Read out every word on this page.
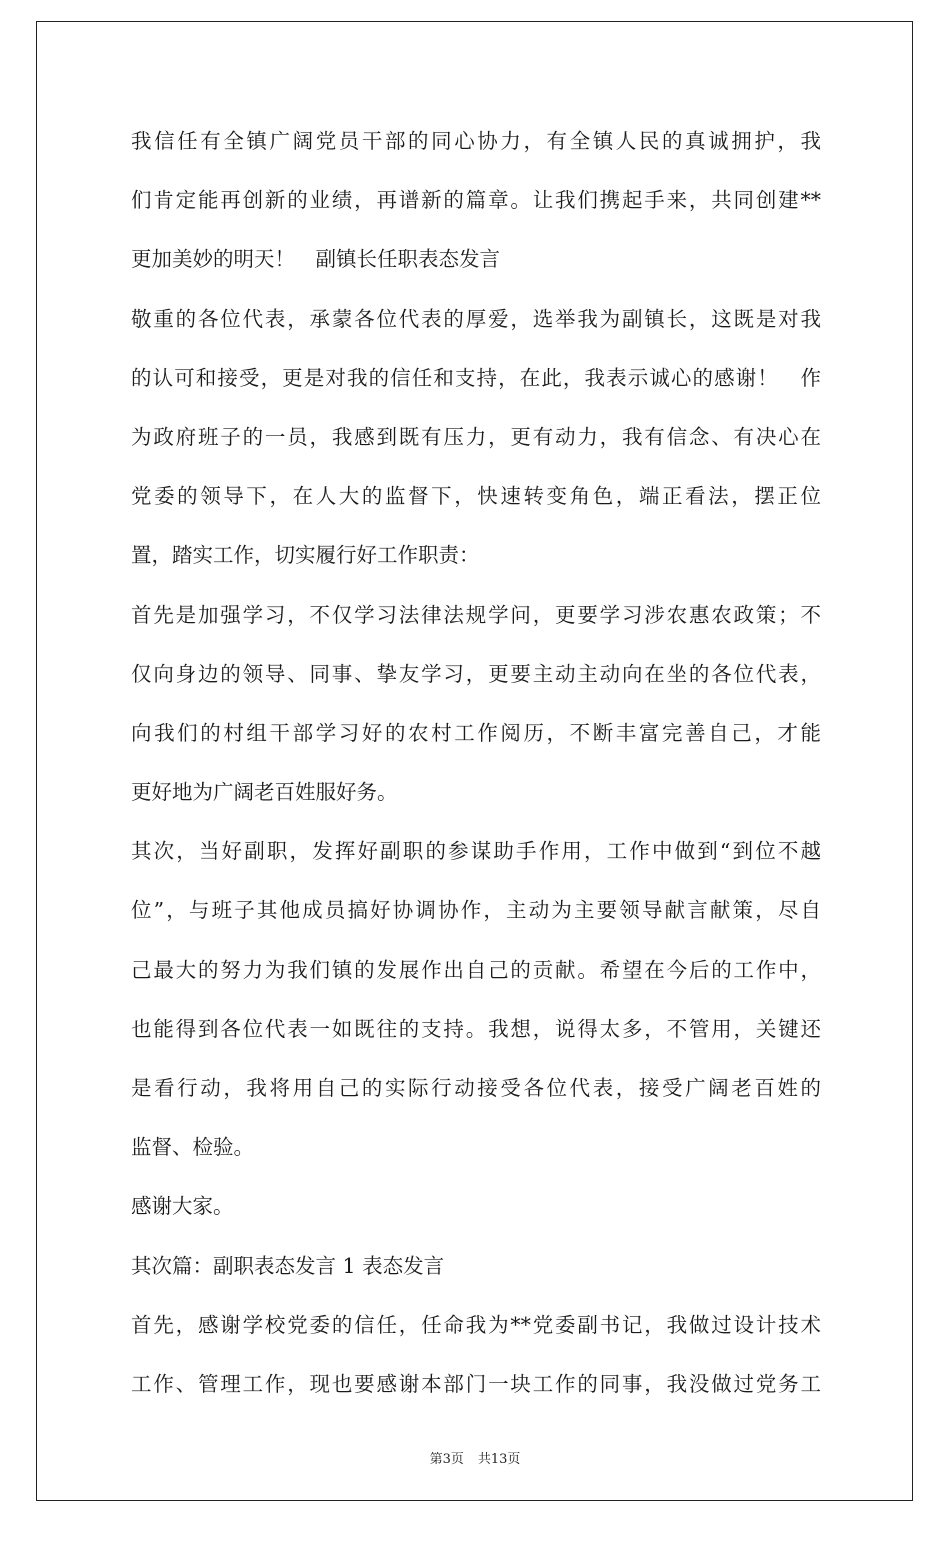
我信任有全镇广阔党员干部的同心协力，有全镇人民的真诚拥护，我
们肯定能再创新的业绩，再谱新的篇章。让我们携起手来，共同创建**
更加美妙的明天！　副镇长任职表态发言
敬重的各位代表，承蒙各位代表的厚爱，选举我为副镇长，这既是对我
的认可和接受，更是对我的信任和支持，在此，我表示诚心的感谢！　作
为政府班子的一员，我感到既有压力，更有动力，我有信念、有决心在
党委的领导下，在人大的监督下，快速转变角色，端正看法，摆正位
置，踏实工作，切实履行好工作职责：
首先是加强学习，不仅学习法律法规学问，更要学习涉农惠农政策；不
仅向身边的领导、同事、挚友学习，更要主动主动向在坐的各位代表，
向我们的村组干部学习好的农村工作阅历，不断丰富完善自己，才能
更好地为广阔老百姓服好务。
其次，当好副职，发挥好副职的参谋助手作用，工作中做到“到位不越
位”，与班子其他成员搞好协调协作，主动为主要领导献言献策，尽自
己最大的努力为我们镇的发展作出自己的贡献。希望在今后的工作中，
也能得到各位代表一如既往的支持。我想，说得太多，不管用，关键还
是看行动，我将用自己的实际行动接受各位代表，接受广阔老百姓的
监督、检验。
感谢大家。
其次篇：副职表态发言 1 表态发言
首先，感谢学校党委的信任，任命我为**党委副书记，我做过设计技术
工作、管理工作，现也要感谢本部门一块工作的同事，我没做过党务工
第3页 共13页
